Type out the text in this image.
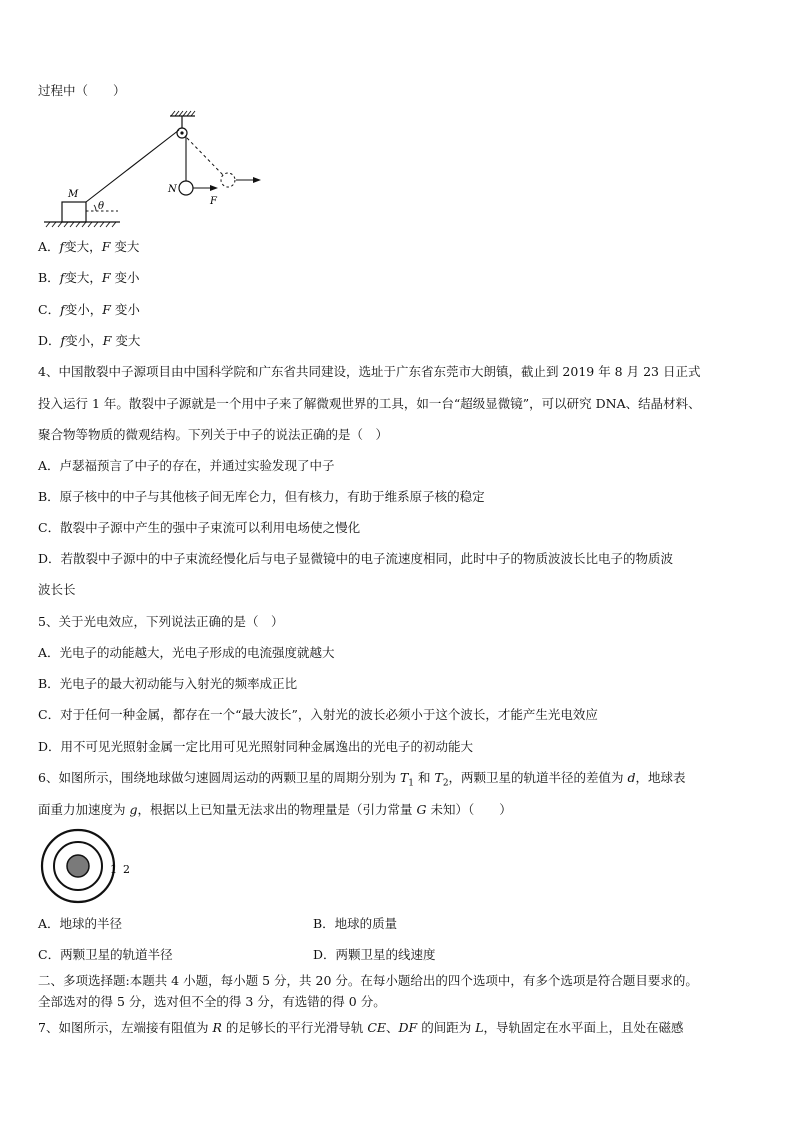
过程中（　　）
M
θ
N
F
A．f变大，F 变大
B．f变大，F 变小
C．f变小，F 变小
D．f变小，F 变大
4、中国散裂中子源项目由中国科学院和广东省共同建设，选址于广东省东莞市大朗镇，截止到 2019 年 8 月 23 日正式
投入运行 1 年。散裂中子源就是一个用中子来了解微观世界的工具，如一台“超级显微镜”，可以研究 DNA、结晶材料、
聚合物等物质的微观结构。下列关于中子的说法正确的是（　）
A．卢瑟福预言了中子的存在，并通过实验发现了中子
B．原子核中的中子与其他核子间无库仑力，但有核力，有助于维系原子核的稳定
C．散裂中子源中产生的强中子束流可以利用电场使之慢化
D．若散裂中子源中的中子束流经慢化后与电子显微镜中的电子流速度相同，此时中子的物质波波长比电子的物质波
波长长
5、关于光电效应，下列说法正确的是（　）
A．光电子的动能越大，光电子形成的电流强度就越大
B．光电子的最大初动能与入射光的频率成正比
C．对于任何一种金属，都存在一个“最大波长”，入射光的波长必须小于这个波长，才能产生光电效应
D．用不可见光照射金属一定比用可见光照射同种金属逸出的光电子的初动能大
6、如图所示，围绕地球做匀速圆周运动的两颗卫星的周期分别为 $T_1$ 和 $T_2$，两颗卫星的轨道半径的差值为 d，地球表
面重力加速度为 g，根据以上已知量无法求出的物理量是（引力常量 G 未知）（　　）
1 2
A．地球的半径	B．地球的质量
C．两颗卫星的轨道半径	D．两颗卫星的线速度
二、多项选择题:本题共 4 小题，每小题 5 分，共 20 分。在每小题给出的四个选项中，有多个选项是符合题目要求的。
全部选对的得 5 分，选对但不全的得 3 分，有选错的得 0 分。
7、如图所示，左端接有阻值为 R 的足够长的平行光滑导轨 CE、DF 的间距为 L，导轨固定在水平面上，且处在磁感
